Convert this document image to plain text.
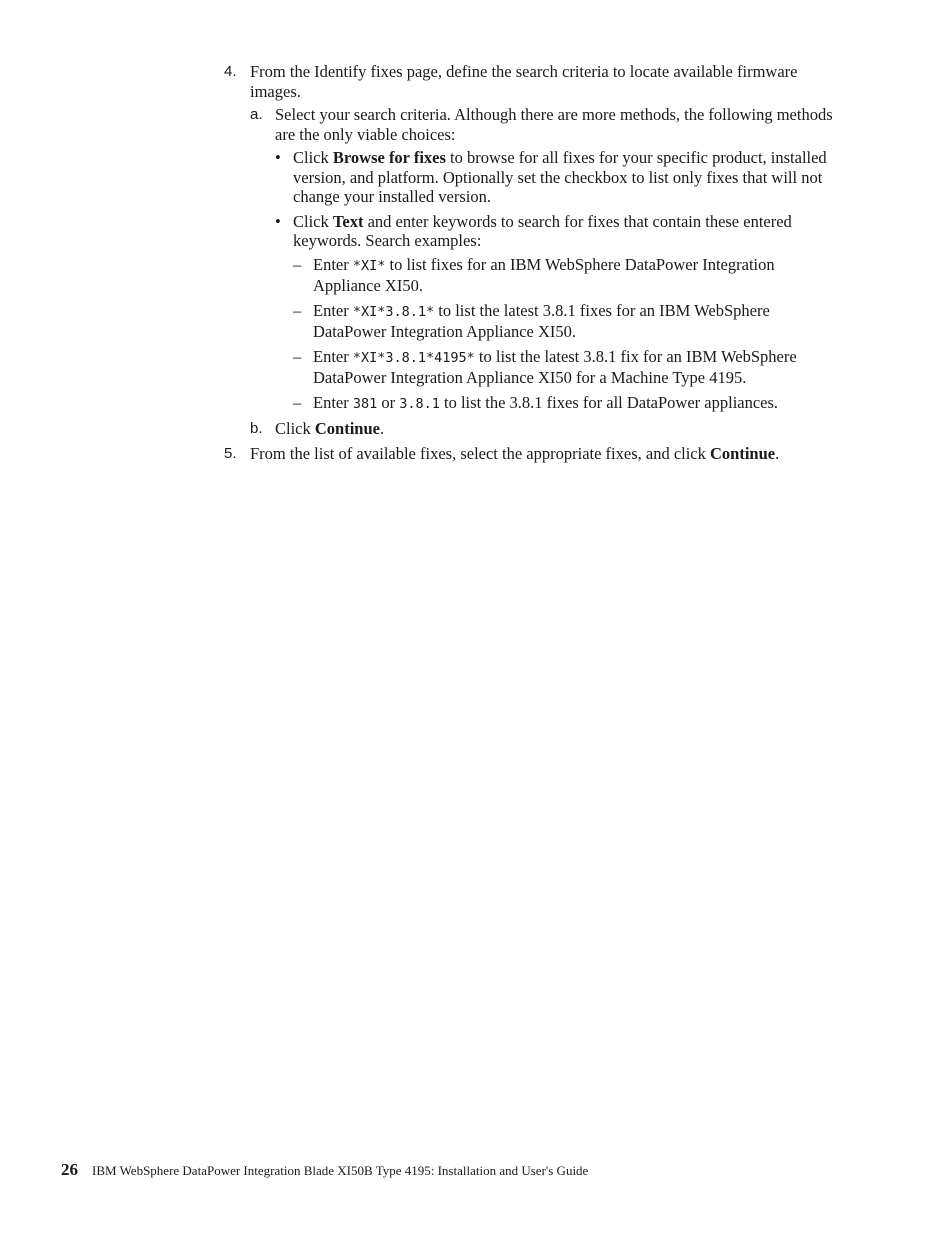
4. From the Identify fixes page, define the search criteria to locate available firmware images.
a. Select your search criteria. Although there are more methods, the following methods are the only viable choices:
• Click Browse for fixes to browse for all fixes for your specific product, installed version, and platform. Optionally set the checkbox to list only fixes that will not change your installed version.
• Click Text and enter keywords to search for fixes that contain these entered keywords. Search examples:
– Enter *XI* to list fixes for an IBM WebSphere DataPower Integration Appliance XI50.
– Enter *XI*3.8.1* to list the latest 3.8.1 fixes for an IBM WebSphere DataPower Integration Appliance XI50.
– Enter *XI*3.8.1*4195* to list the latest 3.8.1 fix for an IBM WebSphere DataPower Integration Appliance XI50 for a Machine Type 4195.
– Enter 381 or 3.8.1 to list the 3.8.1 fixes for all DataPower appliances.
b. Click Continue.
5. From the list of available fixes, select the appropriate fixes, and click Continue.
26 IBM WebSphere DataPower Integration Blade XI50B Type 4195: Installation and User's Guide
